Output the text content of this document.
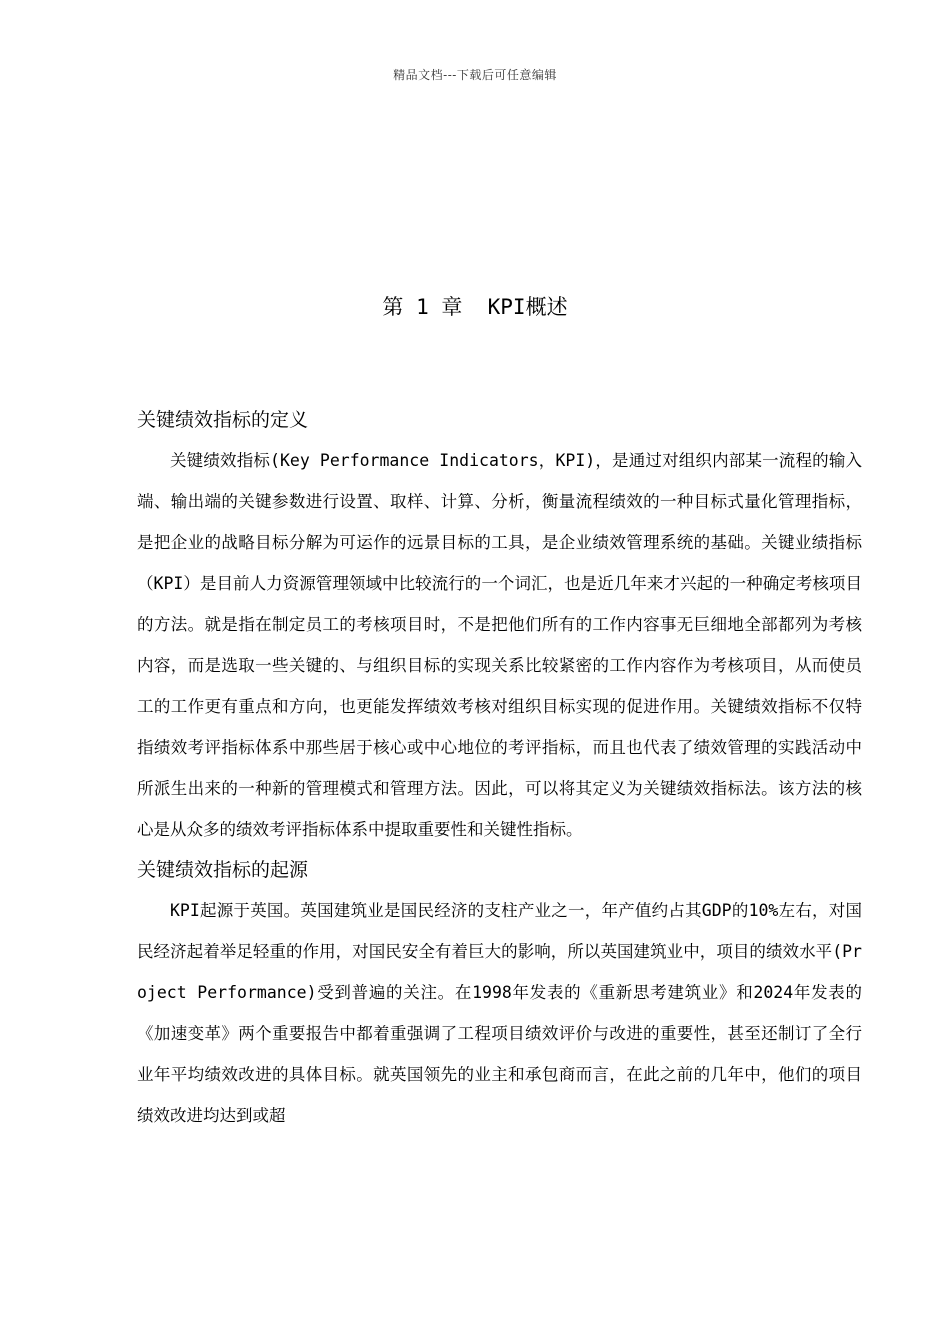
精品文档---下载后可任意编辑
第 1 章  KPI概述
关键绩效指标的定义

关键绩效指标(Key Performance Indicators，KPI)，是通过对组织内部某一流程的输入端、输出端的关键参数进行设置、取样、计算、分析，衡量流程绩效的一种目标式量化管理指标，是把企业的战略目标分解为可运作的远景目标的工具，是企业绩效管理系统的基础。关键业绩指标（KPI）是目前人力资源管理领域中比较流行的一个词汇，也是近几年来才兴起的一种确定考核项目的方法。就是指在制定员工的考核项目时，不是把他们所有的工作内容事无巨细地全部都列为考核内容，而是选取一些关键的、与组织目标的实现关系比较紧密的工作内容作为考核项目，从而使员工的工作更有重点和方向，也更能发挥绩效考核对组织目标实现的促进作用。关键绩效指标不仅特指绩效考评指标体系中那些居于核心或中心地位的考评指标，而且也代表了绩效管理的实践活动中所派生出来的一种新的管理模式和管理方法。因此，可以将其定义为关键绩效指标法。该方法的核心是从众多的绩效考评指标体系中提取重要性和关键性指标。

关键绩效指标的起源

KPI起源于英国。英国建筑业是国民经济的支柱产业之一，年产值约占其GDP的10%左右，对国民经济起着举足轻重的作用，对国民安全有着巨大的影响，所以英国建筑业中，项目的绩效水平(Project Performance)受到普遍的关注。在1998年发表的《重新思考建筑业》和2024年发表的《加速变革》两个重要报告中都着重强调了工程项目绩效评价与改进的重要性，甚至还制订了全行业年平均绩效改进的具体目标。就英国领先的业主和承包商而言，在此之前的几年中，他们的项目绩效改进均达到或超
